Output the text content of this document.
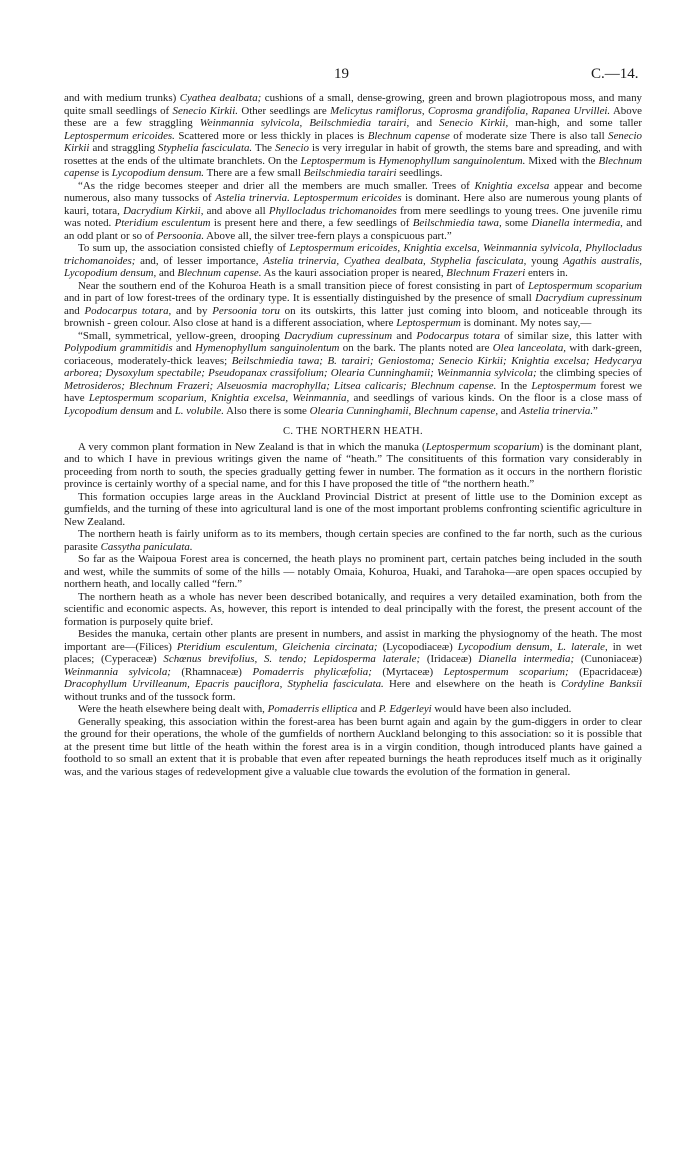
19	C.—14.

and with medium trunks) Cyathea dealbata; cushions of a small, dense-growing, green and brown plagiotropous moss, and many quite small seedlings of Senecio Kirkii. Other seedlings are Melicytus ramiflorus, Coprosma grandifolia, Rapanea Urvillei. Above these are a few straggling Weinmannia sylvicola, Beilschmiedia tarairi, and Senecio Kirkii, man-high, and some taller Leptospermum ericoides. Scattered more or less thickly in places is Blechnum capense of moderate size There is also tall Senecio Kirkii and straggling Styphelia fasciculata. The Senecio is very irregular in habit of growth, the stems bare and spreading, and with rosettes at the ends of the ultimate branchlets. On the Leptospermum is Hymenophyllum sanguinolentum. Mixed with the Blechnum capense is Lycopodium densum. There are a few small Beilschmiedia tarairi seedlings.

“As the ridge becomes steeper and drier all the members are much smaller. Trees of Knightia excelsa appear and become numerous, also many tussocks of Astelia trinervia. Leptospermum ericoides is dominant. Here also are numerous young plants of kauri, totara, Dacrydium Kirkii, and above all Phyllocladus trichomanoides from mere seedlings to young trees. One juvenile rimu was noted. Pteridium esculentum is present here and there, a few seedlings of Beilschmiedia tawa, some Dianella intermedia, and an odd plant or so of Persoonia. Above all, the silver tree-fern plays a conspicuous part.”

To sum up, the association consisted chiefly of Leptospermum ericoides, Knightia excelsa, Weinmannia sylvicola, Phyllocladus trichomanoides; and, of lesser importance, Astelia trinervia, Cyathea dealbata, Styphelia fasciculata, young Agathis australis, Lycopodium densum, and Blechnum capense. As the kauri association proper is neared, Blechnum Frazeri enters in.

Near the southern end of the Kohuroa Heath is a small transition piece of forest consisting in part of Leptospermum scoparium and in part of low forest-trees of the ordinary type. It is essentially distinguished by the presence of small Dacrydium cupressinum and Podocarpus totara, and by Persoonia toru on its outskirts, this latter just coming into bloom, and noticeable through its brownish - green colour. Also close at hand is a different association, where Leptospermum is dominant. My notes say,—

“Small, symmetrical, yellow-green, drooping Dacrydium cupressinum and Podocarpus totara of similar size, this latter with Polypodium grammitidis and Hymenophyllum sanguinolentum on the bark. The plants noted are Olea lanceolata, with dark-green, coriaceous, moderately-thick leaves; Beilschmiedia tawa; B. tarairi; Geniostoma; Senecio Kirkii; Knightia excelsa; Hedycarya arborea; Dysoxylum spectabile; Pseudopanax crassifolium; Olearia Cunninghamii; Weinmannia sylvicola; the climbing species of Metrosideros; Blechnum Frazeri; Alseuosmia macrophylla; Litsea calicaris; Blechnum capense. In the Leptospermum forest we have Leptospermum scoparium, Knightia excelsa, Weinmannia, and seedlings of various kinds. On the floor is a close mass of Lycopodium densum and L. volubile. Also there is some Olearia Cunninghamii, Blechnum capense, and Astelia trinervia.”

C. THE NORTHERN HEATH.

A very common plant formation in New Zealand is that in which the manuka (Leptospermum scoparium) is the dominant plant, and to which I have in previous writings given the name of “heath.” The consitituents of this formation vary considerably in proceeding from north to south, the species gradually getting fewer in number. The formation as it occurs in the northern floristic province is certainly worthy of a special name, and for this I have proposed the title of “the northern heath.”

This formation occupies large areas in the Auckland Provincial District at present of little use to the Dominion except as gumfields, and the turning of these into agricultural land is one of the most important problems confronting scientific agriculture in New Zealand.

The northern heath is fairly uniform as to its members, though certain species are confined to the far north, such as the curious parasite Cassytha paniculata.

So far as the Waipoua Forest area is concerned, the heath plays no prominent part, certain patches being included in the south and west, while the summits of some of the hills — notably Omaia, Kohuroa, Huaki, and Tarahoka—are open spaces occupied by northern heath, and locally called “fern.”

The northern heath as a whole has never been described botanically, and requires a very detailed examination, both from the scientific and economic aspects. As, however, this report is intended to deal principally with the forest, the present account of the formation is purposely quite brief.

Besides the manuka, certain other plants are present in numbers, and assist in marking the physiognomy of the heath. The most important are—(Filices) Pteridium esculentum, Gleichenia circinata; (Lycopodiaceæ) Lycopodium densum, L. laterale, in wet places; (Cyperaceæ) Schœnus brevifolius, S. tendo; Lepidosperma laterale; (Iridaceæ) Dianella intermedia; (Cunoniaceæ) Weinmannia sylvicola; (Rhamnaceæ) Pomaderris phylicæfolia; (Myrtaceæ) Leptospermum scoparium; (Epacridaceæ) Dracophyllum Urvilleanum, Epacris pauciflora, Styphelia fasciculata. Here and elsewhere on the heath is Cordyline Banksii without trunks and of the tussock form.

Were the heath elsewhere being dealt with, Pomaderris elliptica and P. Edgerleyi would have been also included.

Generally speaking, this association within the forest-area has been burnt again and again by the gum-diggers in order to clear the ground for their operations, the whole of the gumfields of northern Auckland belonging to this association: so it is possible that at the present time but little of the heath within the forest area is in a virgin condition, though introduced plants have gained a foothold to so small an extent that it is probable that even after repeated burnings the heath reproduces itself much as it originally was, and the various stages of redevelopment give a valuable clue towards the evolution of the formation in general.
